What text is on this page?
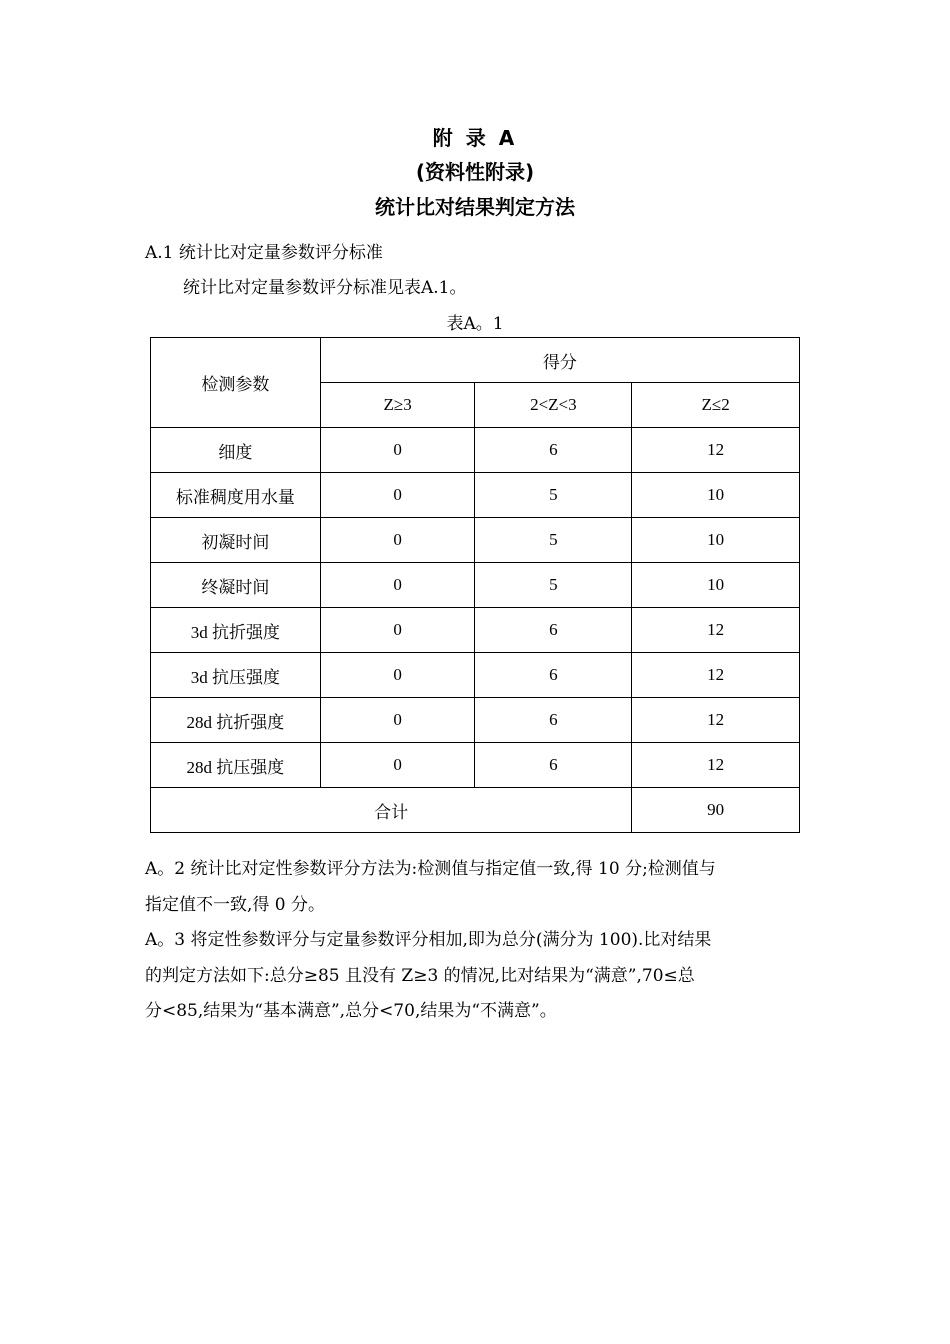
附 录 A
(资料性附录)
统计比对结果判定方法
A.1 统计比对定量参数评分标准
统计比对定量参数评分标准见表A.1。
表A。1
检测参数	得分		
	Z≥3	2<Z<3	Z≤2
细度	0	6	12
标准稠度用水量	0	5	10
初凝时间	0	5	10
终凝时间	0	5	10
3d 抗折强度	0	6	12
3d 抗压强度	0	6	12
28d 抗折强度	0	6	12
28d 抗压强度	0	6	12
合计			90
A。2 统计比对定性参数评分方法为:检测值与指定值一致,得 10 分;检测值与
指定值不一致,得 0 分。
A。3 将定性参数评分与定量参数评分相加,即为总分(满分为 100).比对结果
的判定方法如下:总分≥85 且没有 Z≥3 的情况,比对结果为“满意”,70≤总
分<85,结果为“基本满意”,总分<70,结果为“不满意”。
